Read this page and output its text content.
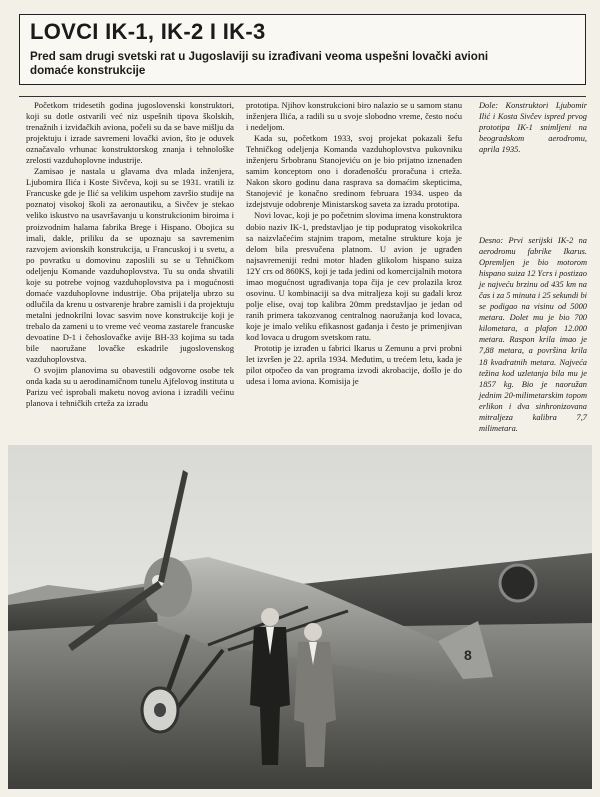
LOVCI IK-1, IK-2 I IK-3
Pred sam drugi svetski rat u Jugoslaviji su izrađivani veoma uspešni lovački avioni domaće konstrukcije

Početkom tridesetih godina jugoslovenski konstruktori, koji su dotle ostvarili već niz uspešnih tipova školskih, trenažnih i izviđačkih aviona, počeli su da se bave mišlju da projektuju i izrade savremeni lovački avion, što je oduvek označavalo vrhunac konstruktorskog znanja i tehnološke zrelosti vazduhoplovne industrije.

Zamisao je nastala u glavama dva mlada inženjera, Ljubomira Ilića i Koste Sivčeva, koji su se 1931. vratili iz Francuske gde je Ilić sa velikim uspehom završio studije na poznatoj visokoj školi za aeronautiku, a Sivčev je stekao veliko iskustvo na usavršavanju u konstrukcionim biroima i proizvodnim halama fabrika Brege i Hispano. Obojica su imali, dakle, priliku da se upoznaju sa savremenim razvojem avionskih konstrukcija, u Francuskoj i u svetu, a po povratku u domovinu zaposlili su se u Tehničkom odeljenju Komande vazduhoplovstva. Tu su onda shvatili koje su potrebe vojnog vazduhoplovstva pa i mogućnosti domaće vazduhoplovne industrije. Oba prijatelja ubrzo su odlučila da krenu u ostvarenje hrabre zamisli i da projektuju metalni jednokrilni lovac sasvim nove konstrukcije koji je trebalo da zameni u to vreme već veoma zastarele francuske devoatine D-1 i čehoslovačke avije BH-33 kojima su tada bile naoružane lovačke eskadrile jugoslovenskog vazduhoplovstva.

O svojim planovima su obavestili odgovorne osobe tek onda kada su u aerodinamičnom tunelu Ajfelovog instituta u Parizu već isprobali maketu novog aviona i izradili većinu planova i tehničkih crteža za izradu

prototipa. Njihov konstrukcioni biro nalazio se u samom stanu inženjera Ilića, a radili su u svoje slobodno vreme, često noću i nedeljom.

Kada su, početkom 1933, svoj projekat pokazali šefu Tehničkog odeljenja Komanda vazduhoplovstva pukovniku inženjeru Srbobranu Stanojeviću on je bio prijatno iznenađen samim konceptom ono i dorađenošću proračuna i crteža. Nakon skoro godinu dana rasprava sa domaćim skepticima, Stanojević je konačno sredinom februara 1934. uspeo da izdejstvuje odobrenje Ministarskog saveta za izradu prototipa.

Novi lovac, koji je po početnim slovima imena konstruktora dobio naziv IK-1, predstavljao je tip podupratog visokokrilca sa naizvlačećim stajnim trapom, metalne strukture koja je delom bila presvučena platnom. U avion je ugrađen najsavremeniji redni motor hlađen glikolom hispano suiza 12Y crs od 860KS, koji je tada jedini od komercijalnih motora imao mogućnost ugrađivanja topa čija je cev prolazila kroz osovinu. U kombinaciji sa dva mitraljeza koji su gađali kroz polje elise, ovaj top kalibra 20mm predstavljao je jedan od ranih primera takozvanog centralnog naoružanja kod lovaca, koje je imalo veliku efikasnost gađanja i često je primenjivan kod lovaca u drugom svetskom ratu.

Prototip je izrađen u fabrici Ikarus u Zemunu a prvi probni let izvršen je 22. aprila 1934. Međutim, u trećem letu, kada je pilot otpočeo da van programa izvodi akrobacije, došlo je do udesa i loma aviona. Komisija je

Dole: Konstruktori Ljubomir Ilić i Kosta Sivčev ispred prvog prototipa IK-1 snimljeni na beogradskom aerodromu, aprila 1935.

Desno: Prvi serijski IK-2 na aerodromu fabrike Ikarus. Opremljen je bio motorom hispano suiza 12 Ycrs i postizao je najveću brzinu od 435 km na čas i za 5 minuta i 25 sekundi bi se podigao na visinu od 5000 metara. Dolet mu je bio 700 kilometara, a plafon 12.000 metara. Raspon krila imao je 7,88 metara, a površina krila 18 kvadratnih metara. Najveća težina kod uzletanja bila mu je 1857 kg. Bio je naoružan jednim 20-milimetarskim topom erlikon i dva sinhronizovana mitraljeza kalibra 7,7 milimetara.

8
